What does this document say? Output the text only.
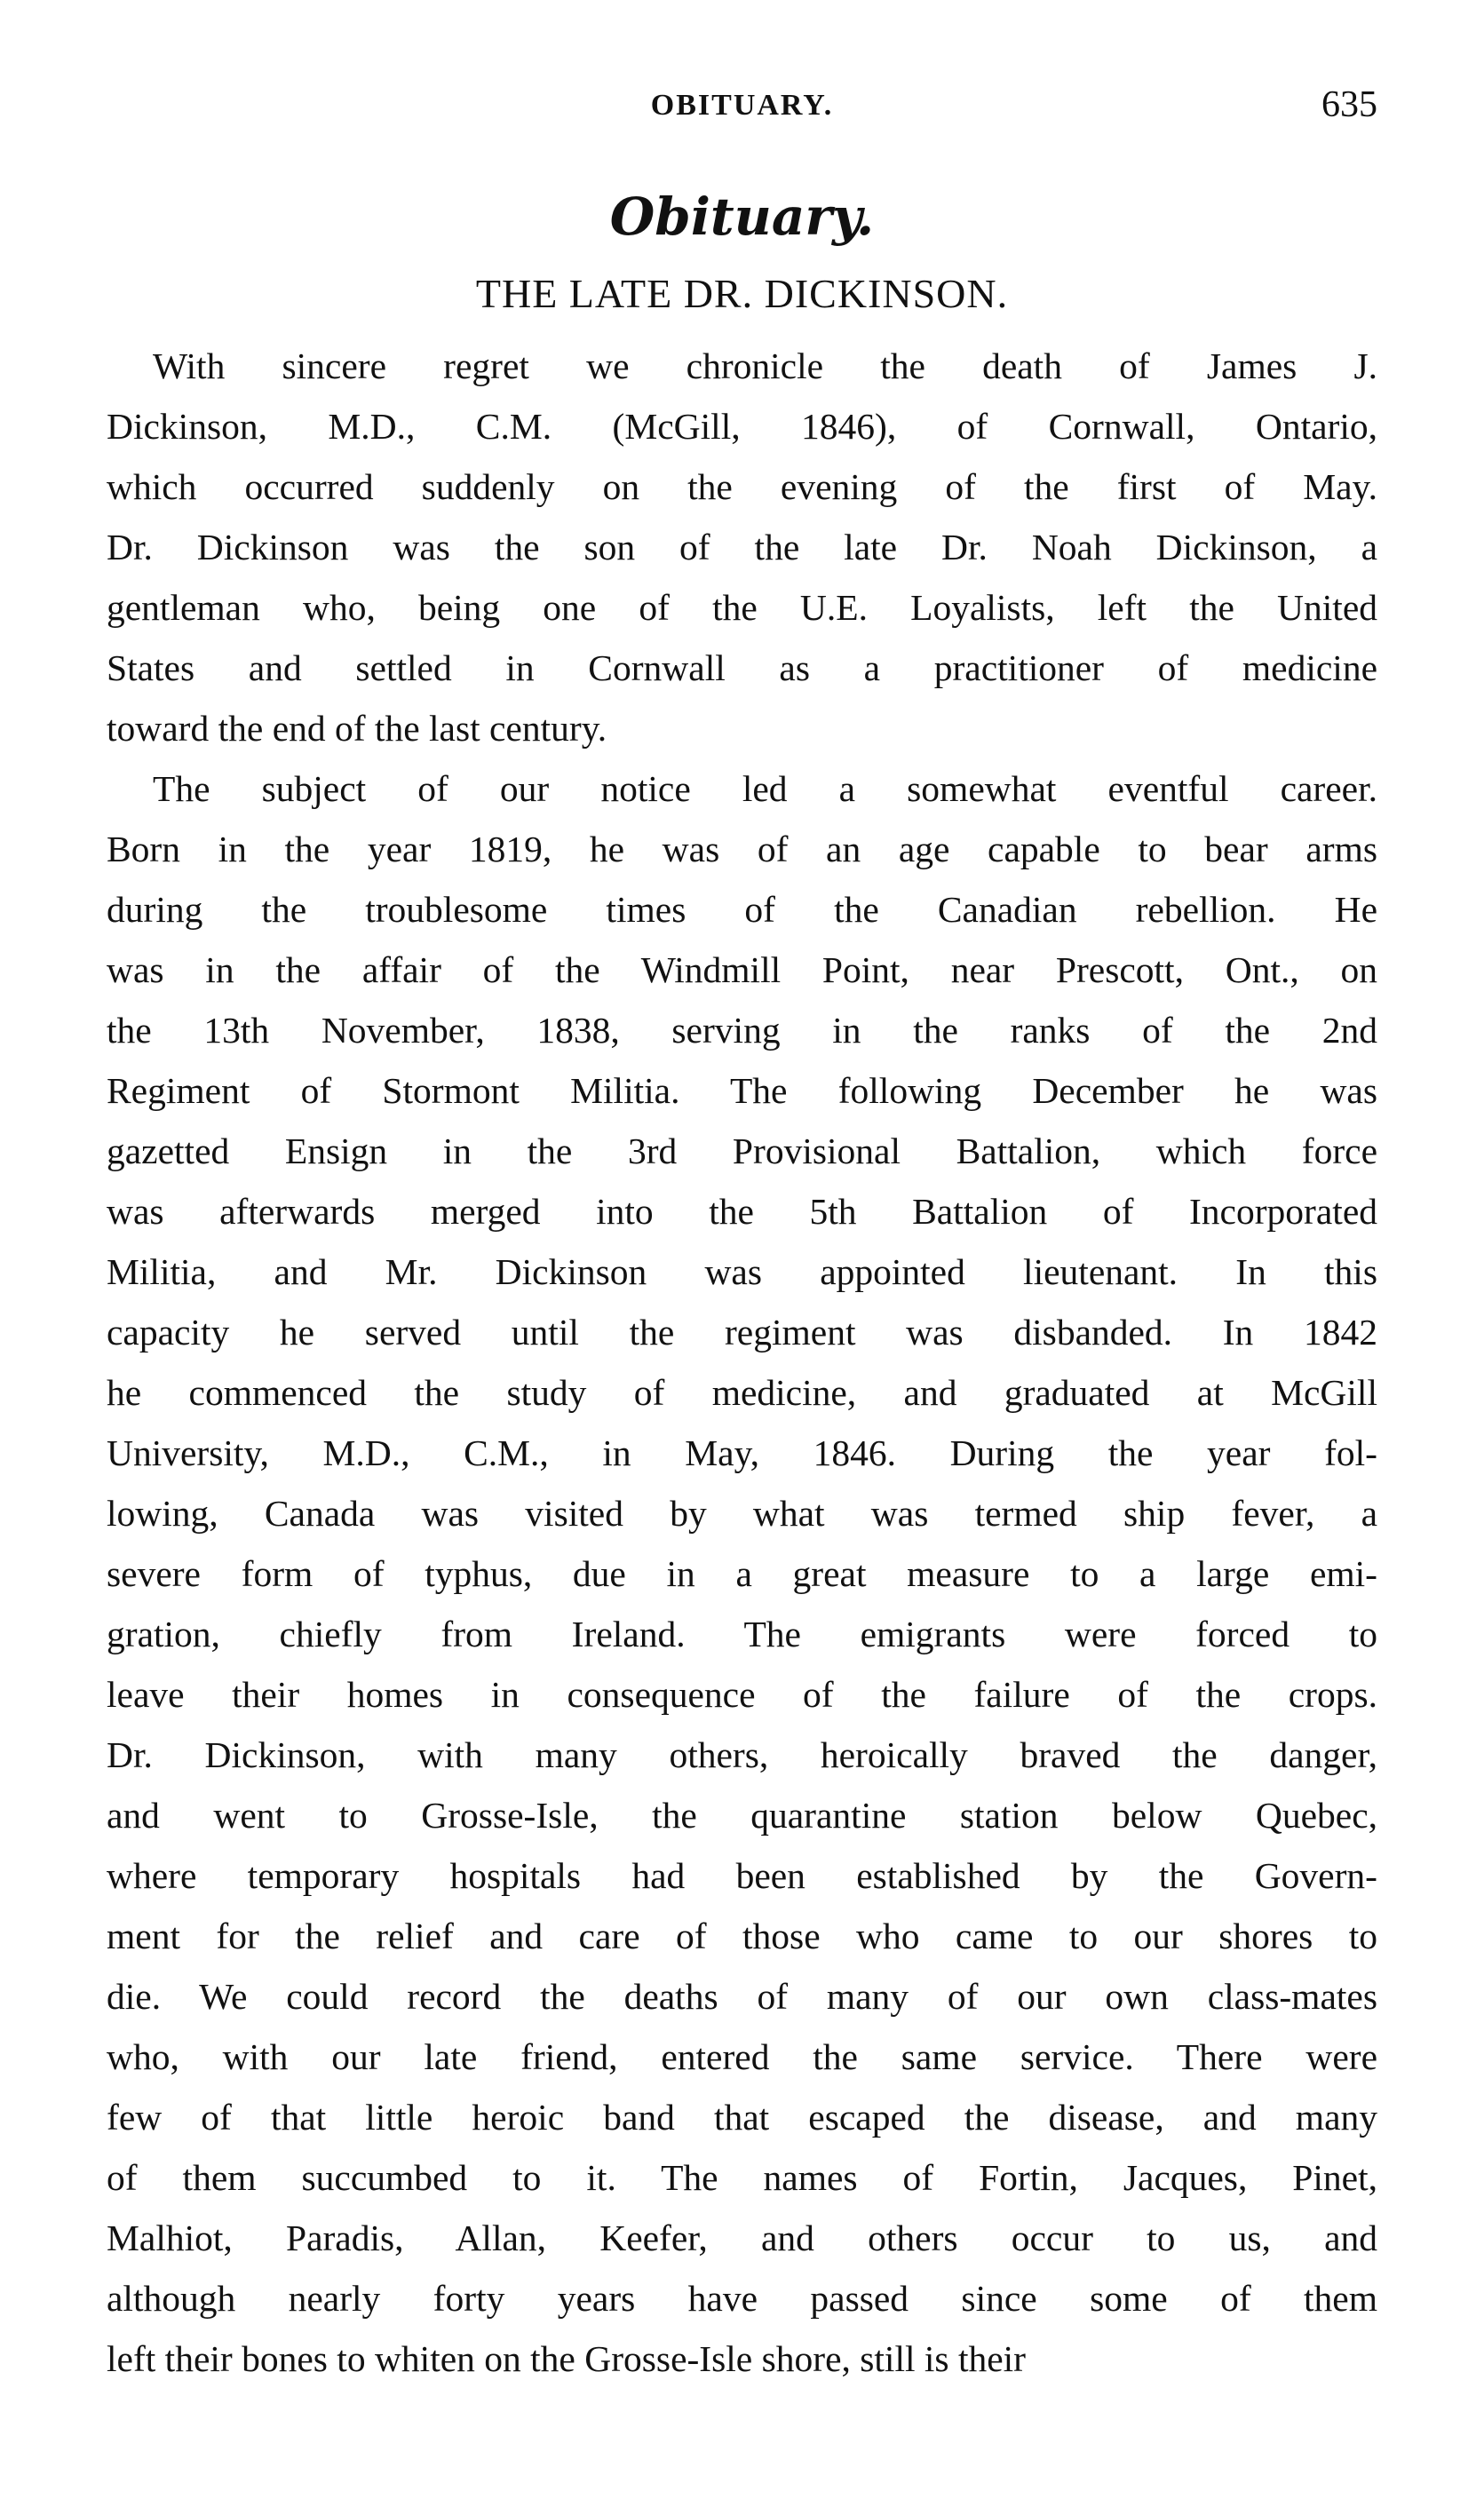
OBITUARY.	635
Obituary.
THE LATE DR. DICKINSON.
With sincere regret we chronicle the death of James J.
Dickinson, M.D., C.M. (McGill, 1846), of Cornwall, Ontario,
which occurred suddenly on the evening of the first of May.
Dr. Dickinson was the son of the late Dr. Noah Dickinson, a
gentleman who, being one of the U.E. Loyalists, left the United
States and settled in Cornwall as a practitioner of medicine
toward the end of the last century.
The subject of our notice led a somewhat eventful career.
Born in the year 1819, he was of an age capable to bear arms
during the troublesome times of the Canadian rebellion. He
was in the affair of the Windmill Point, near Prescott, Ont., on
the 13th November, 1838, serving in the ranks of the 2nd
Regiment of Stormont Militia. The following December he was
gazetted Ensign in the 3rd Provisional Battalion, which force
was afterwards merged into the 5th Battalion of Incorporated
Militia, and Mr. Dickinson was appointed lieutenant. In this
capacity he served until the regiment was disbanded. In 1842
he commenced the study of medicine, and graduated at McGill
University, M.D., C.M., in May, 1846. During the year fol-
lowing, Canada was visited by what was termed ship fever, a
severe form of typhus, due in a great measure to a large emi-
gration, chiefly from Ireland. The emigrants were forced to
leave their homes in consequence of the failure of the crops.
Dr. Dickinson, with many others, heroically braved the danger,
and went to Grosse-Isle, the quarantine station below Quebec,
where temporary hospitals had been established by the Govern-
ment for the relief and care of those who came to our shores to
die. We could record the deaths of many of our own class-mates
who, with our late friend, entered the same service. There were
few of that little heroic band that escaped the disease, and many
of them succumbed to it. The names of Fortin, Jacques, Pinet,
Malhiot, Paradis, Allan, Keefer, and others occur to us, and
although nearly forty years have passed since some of them
left their bones to whiten on the Grosse-Isle shore, still is their
